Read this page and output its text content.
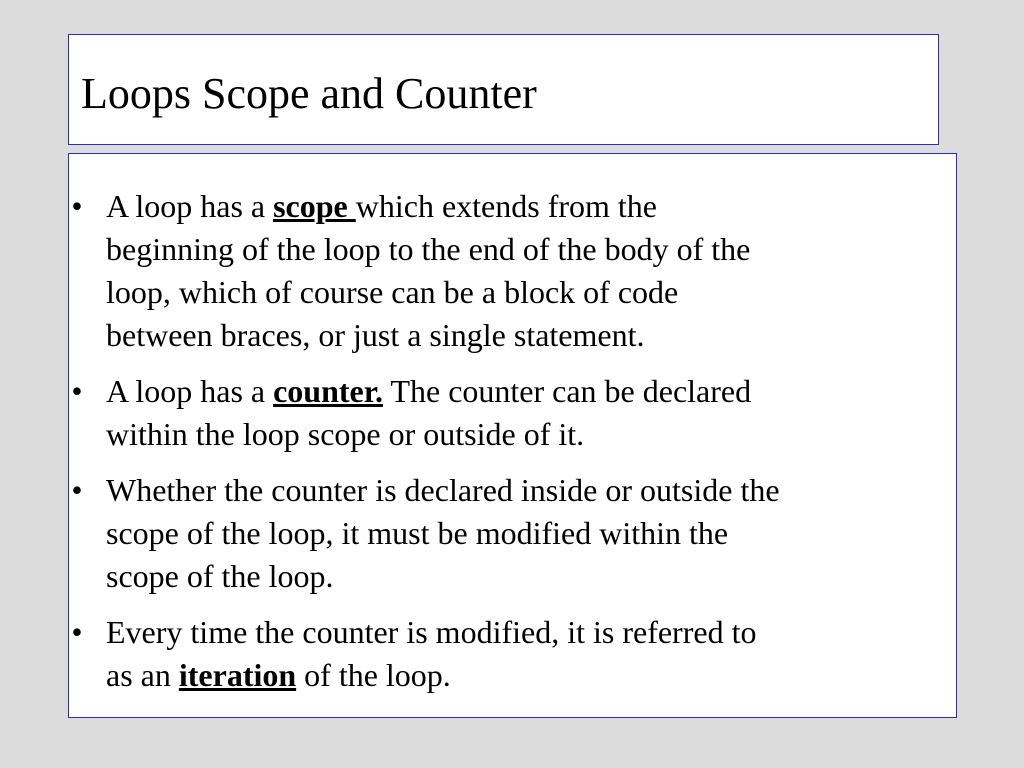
Loops Scope and Counter
• A loop has a scope which extends from the
beginning of the loop to the end of the body of the
loop, which of course can be a block of code
between braces, or just a single statement.
• A loop has a counter. The counter can be declared
within the loop scope or outside of it.
• Whether the counter is declared inside or outside the
scope of the loop, it must be modified within the
scope of the loop.
• Every time the counter is modified, it is referred to
as an iteration of the loop.
